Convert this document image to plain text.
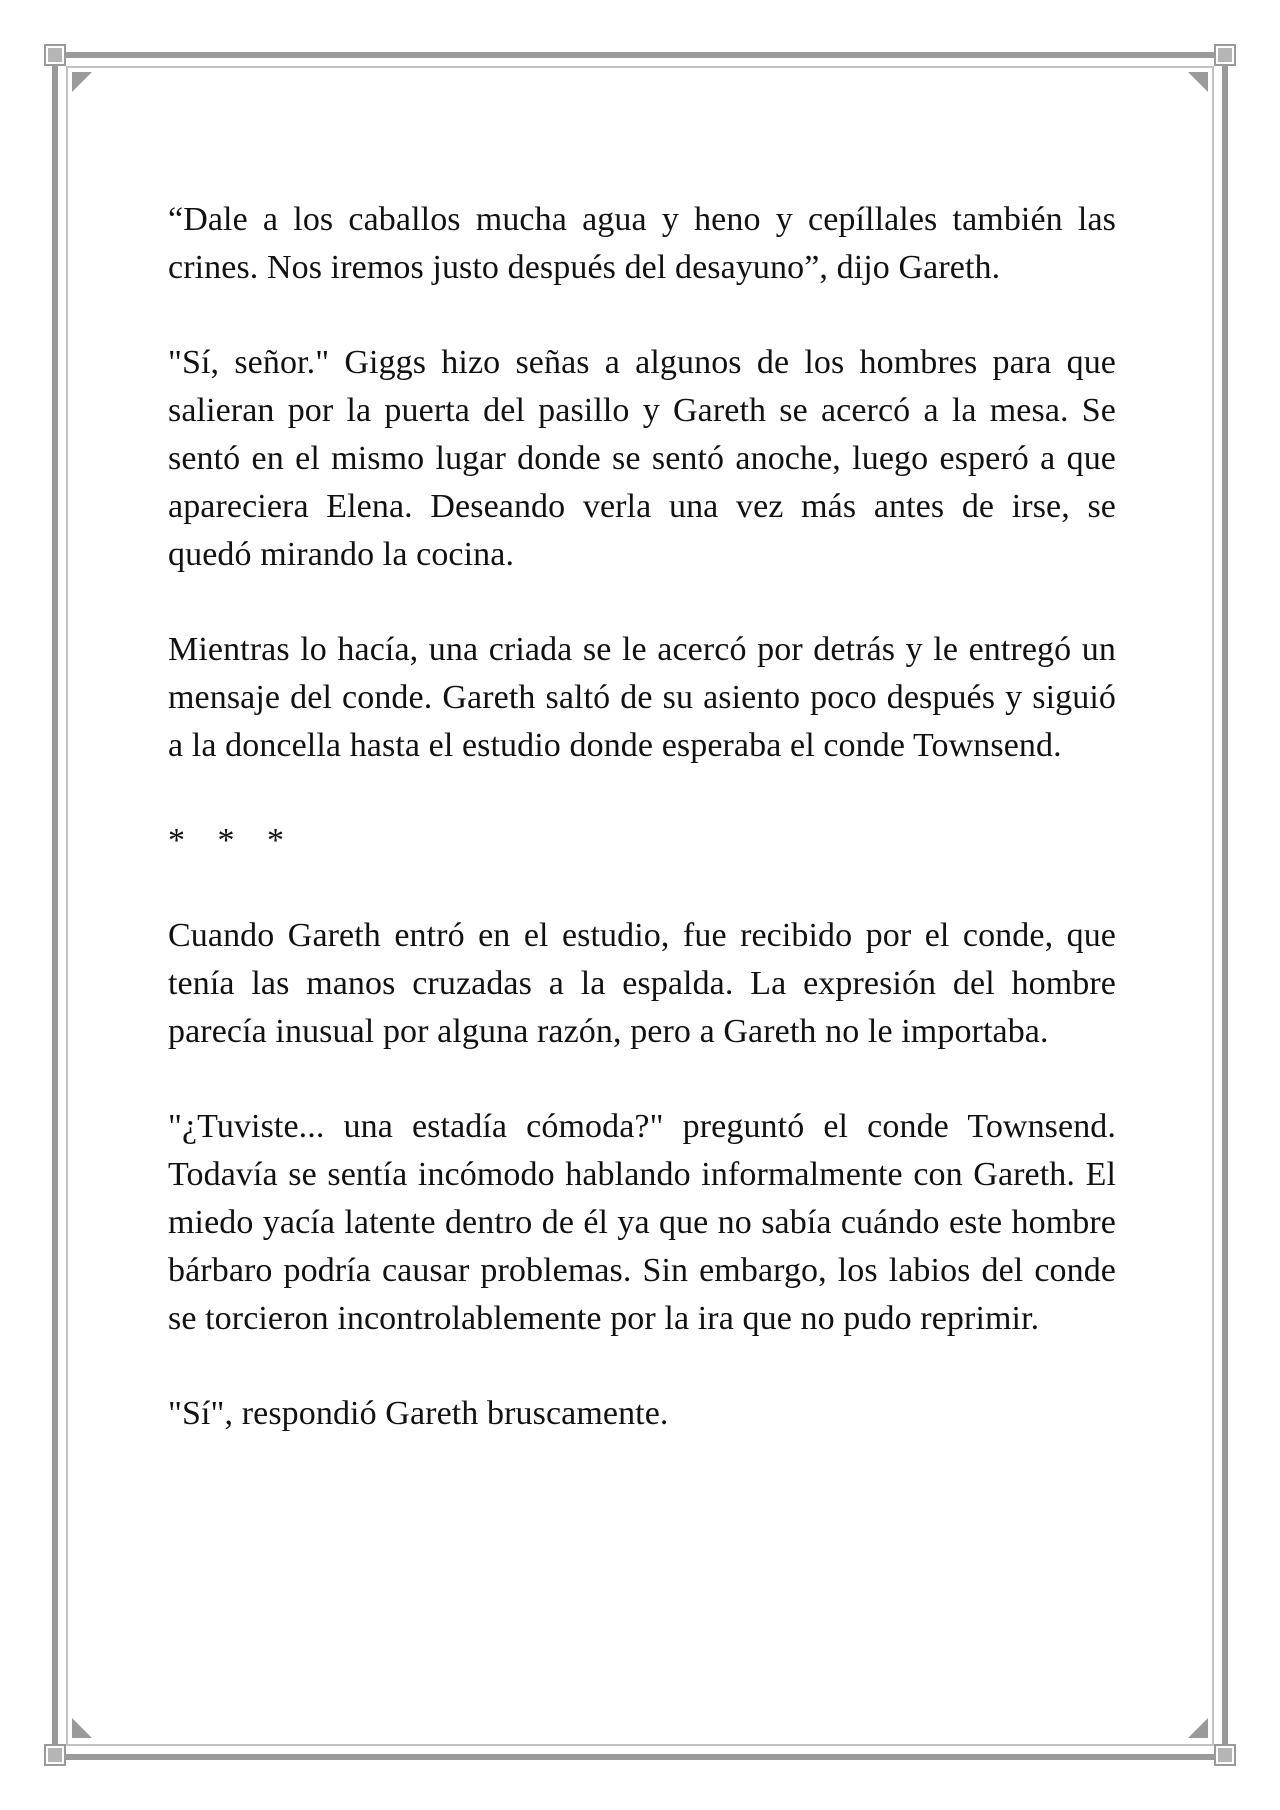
“Dale a los caballos mucha agua y heno y cepíllales también las crines. Nos iremos justo después del desayuno”, dijo Gareth.

"Sí, señor." Giggs hizo señas a algunos de los hombres para que salieran por la puerta del pasillo y Gareth se acercó a la mesa. Se sentó en el mismo lugar donde se sentó anoche, luego esperó a que apareciera Elena. Deseando verla una vez más antes de irse, se quedó mirando la cocina.

Mientras lo hacía, una criada se le acercó por detrás y le entregó un mensaje del conde. Gareth saltó de su asiento poco después y siguió a la doncella hasta el estudio donde esperaba el conde Townsend.

* * *

Cuando Gareth entró en el estudio, fue recibido por el conde, que tenía las manos cruzadas a la espalda. La expresión del hombre parecía inusual por alguna razón, pero a Gareth no le importaba.

"¿Tuviste... una estadía cómoda?" preguntó el conde Townsend. Todavía se sentía incómodo hablando informalmente con Gareth. El miedo yacía latente dentro de él ya que no sabía cuándo este hombre bárbaro podría causar problemas. Sin embargo, los labios del conde se torcieron incontrolablemente por la ira que no pudo reprimir.

"Sí", respondió Gareth bruscamente.
